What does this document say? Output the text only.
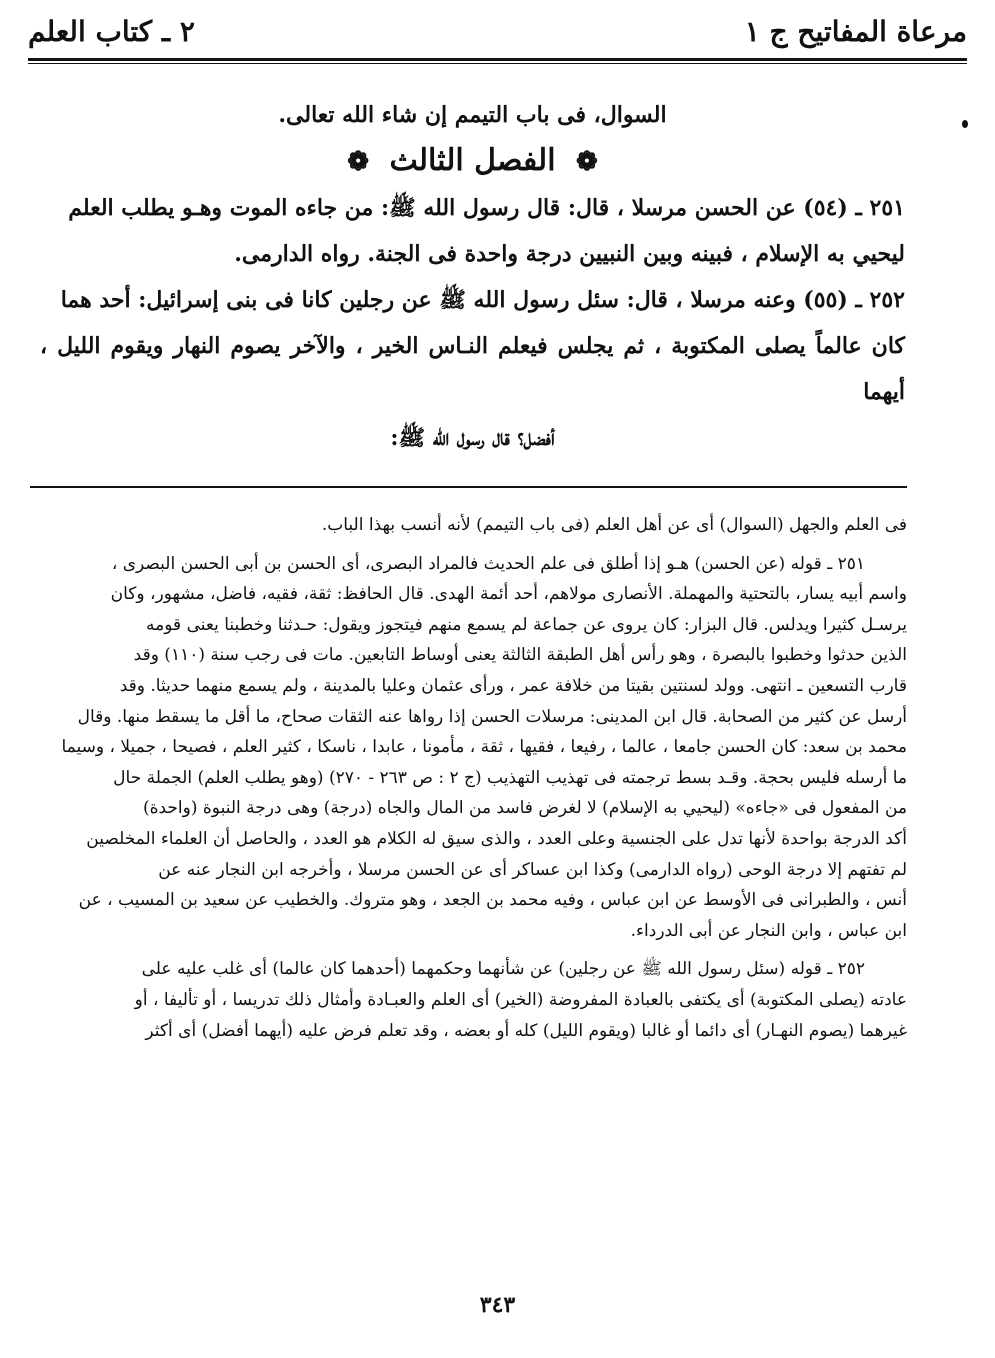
مرعاة المفاتيح ج ١
٢ ـ كتاب العلم

السوال، فى باب التيمم إن شاء الله تعالى.

❁ الفصل الثالث ❁

٢٥١ ـ (٥٤) عن الحسن مرسلا ، قال: قال رسول الله ﷺ: من جاءه الموت وهـو يطلب العلم

ليحيي به الإسلام ، فبينه وبين النبيين درجة واحدة فى الجنة. رواه الدارمى.

٢٥٢ ـ (٥٥) وعنه مرسلا ، قال: سئل رسول الله ﷺ عن رجلين كانا فى بنى إسرائيل: أحد هما

كان عالماً يصلى المكتوبة ، ثم يجلس فيعلم النـاس الخير ، والآخر يصوم النهار ويقوم الليل ، أيهما

أفضل؟ قال رسول الله ﷺ:

فى العلم والجهل (السوال) أى عن أهل العلم (فى باب التيمم) لأنه أنسب بهذا الباب.

٢٥١ ـ قوله (عن الحسن) هـو إذا أطلق فى علم الحديث فالمراد البصرى، أى الحسن بن أبى الحسن البصرى ،

واسم أبيه يسار، بالتحتية والمهملة. الأنصارى مولاهم، أحد أئمة الهدى. قال الحافظ: ثقة، فقيه، فاضل، مشهور، وكان

يرسـل كثيرا ويدلس. قال البزار: كان يروى عن جماعة لم يسمع منهم فيتجوز ويقول: حـدثنا وخطبنا يعنى قومه

الذين حدثوا وخطبوا بالبصرة ، وهو رأس أهل الطبقة الثالثة يعنى أوساط التابعين. مات فى رجب سنة (١١٠) وقد

قارب التسعين ـ انتهى. وولد لسنتين بقيتا من خلافة عمر ، ورأى عثمان وعليا بالمدينة ، ولم يسمع منهما حديثا. وقد

أرسل عن كثير من الصحابة. قال ابن المدينى: مرسلات الحسن إذا رواها عنه الثقات صحاح، ما أقل ما يسقط منها. وقال

محمد بن سعد: كان الحسن جامعا ، عالما ، رفيعا ، فقيها ، ثقة ، مأمونا ، عابدا ، ناسكا ، كثير العلم ، فصيحا ، جميلا ، وسيما

ما أرسله فليس بحجة. وقـد بسط ترجمته فى تهذيب التهذيب (ج ٢ : ص ٢٦٣ - ٢٧٠) (وهو يطلب العلم) الجملة حال

من المفعول فى «جاءه» (ليحيي به الإسلام) لا لغرض فاسد من المال والجاه (درجة) وهى درجة النبوة (واحدة)

أكد الدرجة بواحدة لأنها تدل على الجنسية وعلى العدد ، والذى سيق له الكلام هو العدد ، والحاصل أن العلماء المخلصين

لم تفتهم إلا درجة الوحى (رواه الدارمى) وكذا ابن عساكر أى عن الحسن مرسلا ، وأخرجه ابن النجار عنه عن

أنس ، والطبرانى فى الأوسط عن ابن عباس ، وفيه محمد بن الجعد ، وهو متروك. والخطيب عن سعيد بن المسيب ، عن

ابن عباس ، وابن النجار عن أبى الدرداء.

٢٥٢ ـ قوله (سئل رسول الله ﷺ عن رجلين) عن شأنهما وحكمهما (أحدهما كان عالما) أى غلب عليه على

عادته (يصلى المكتوبة) أى يكتفى بالعبادة المفروضة (الخير) أى العلم والعبـادة وأمثال ذلك تدريسا ، أو تأليفا ، أو

غيرهما (يصوم النهـار) أى دائما أو غالبا (ويقوم الليل) كله أو بعضه ، وقد تعلم فرض عليه (أيهما أفضل) أى أكثر

٣٤٣
